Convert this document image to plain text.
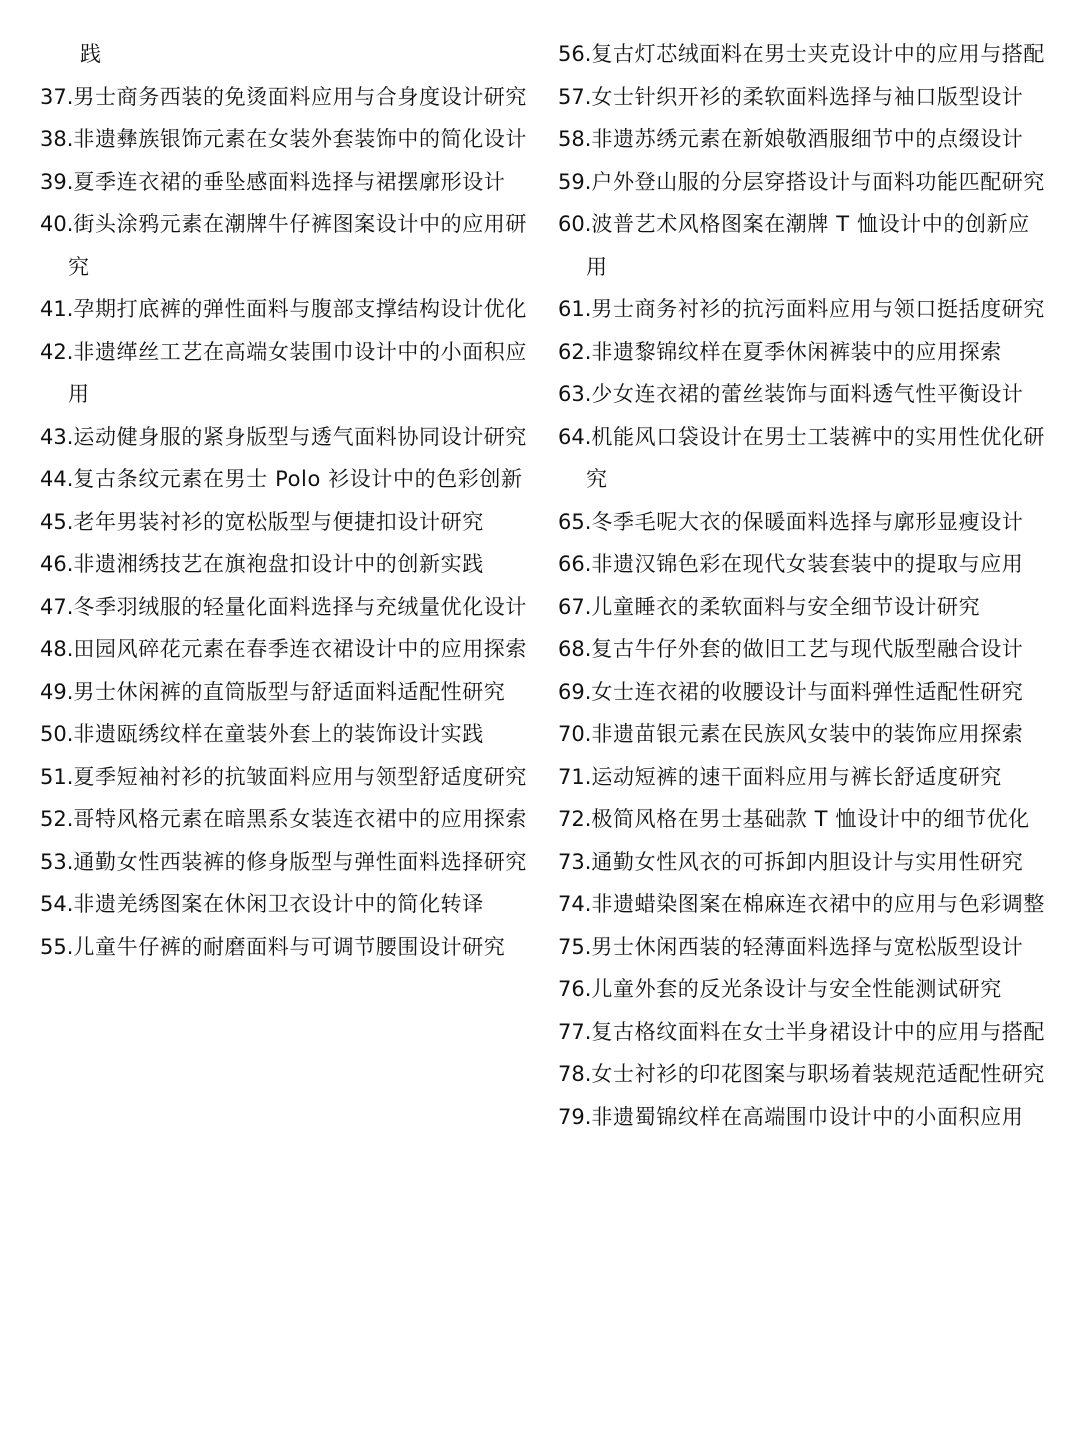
践

37.男士商务西装的免烫面料应用与合身度设计研究

38.非遗彝族银饰元素在女装外套装饰中的简化设计

39.夏季连衣裙的垂坠感面料选择与裙摆廓形设计

40.街头涂鸦元素在潮牌牛仔裤图案设计中的应用研究

41.孕期打底裤的弹性面料与腹部支撑结构设计优化

42.非遗缂丝工艺在高端女装围巾设计中的小面积应用

43.运动健身服的紧身版型与透气面料协同设计研究

44.复古条纹元素在男士 Polo 衫设计中的色彩创新

45.老年男装衬衫的宽松版型与便捷扣设计研究

46.非遗湘绣技艺在旗袍盘扣设计中的创新实践

47.冬季羽绒服的轻量化面料选择与充绒量优化设计

48.田园风碎花元素在春季连衣裙设计中的应用探索

49.男士休闲裤的直筒版型与舒适面料适配性研究

50.非遗瓯绣纹样在童装外套上的装饰设计实践

51.夏季短袖衬衫的抗皱面料应用与领型舒适度研究

52.哥特风格元素在暗黑系女装连衣裙中的应用探索

53.通勤女性西装裤的修身版型与弹性面料选择研究

54.非遗羌绣图案在休闲卫衣设计中的简化转译

55.儿童牛仔裤的耐磨面料与可调节腰围设计研究

56.复古灯芯绒面料在男士夹克设计中的应用与搭配

57.女士针织开衫的柔软面料选择与袖口版型设计

58.非遗苏绣元素在新娘敬酒服细节中的点缀设计

59.户外登山服的分层穿搭设计与面料功能匹配研究

60.波普艺术风格图案在潮牌 T 恤设计中的创新应用

61.男士商务衬衫的抗污面料应用与领口挺括度研究

62.非遗黎锦纹样在夏季休闲裤装中的应用探索

63.少女连衣裙的蕾丝装饰与面料透气性平衡设计

64.机能风口袋设计在男士工装裤中的实用性优化研究

65.冬季毛呢大衣的保暖面料选择与廓形显瘦设计

66.非遗汉锦色彩在现代女装套装中的提取与应用

67.儿童睡衣的柔软面料与安全细节设计研究

68.复古牛仔外套的做旧工艺与现代版型融合设计

69.女士连衣裙的收腰设计与面料弹性适配性研究

70.非遗苗银元素在民族风女装中的装饰应用探索

71.运动短裤的速干面料应用与裤长舒适度研究

72.极简风格在男士基础款 T 恤设计中的细节优化

73.通勤女性风衣的可拆卸内胆设计与实用性研究

74.非遗蜡染图案在棉麻连衣裙中的应用与色彩调整

75.男士休闲西装的轻薄面料选择与宽松版型设计

76.儿童外套的反光条设计与安全性能测试研究

77.复古格纹面料在女士半身裙设计中的应用与搭配

78.女士衬衫的印花图案与职场着装规范适配性研究

79.非遗蜀锦纹样在高端围巾设计中的小面积应用
